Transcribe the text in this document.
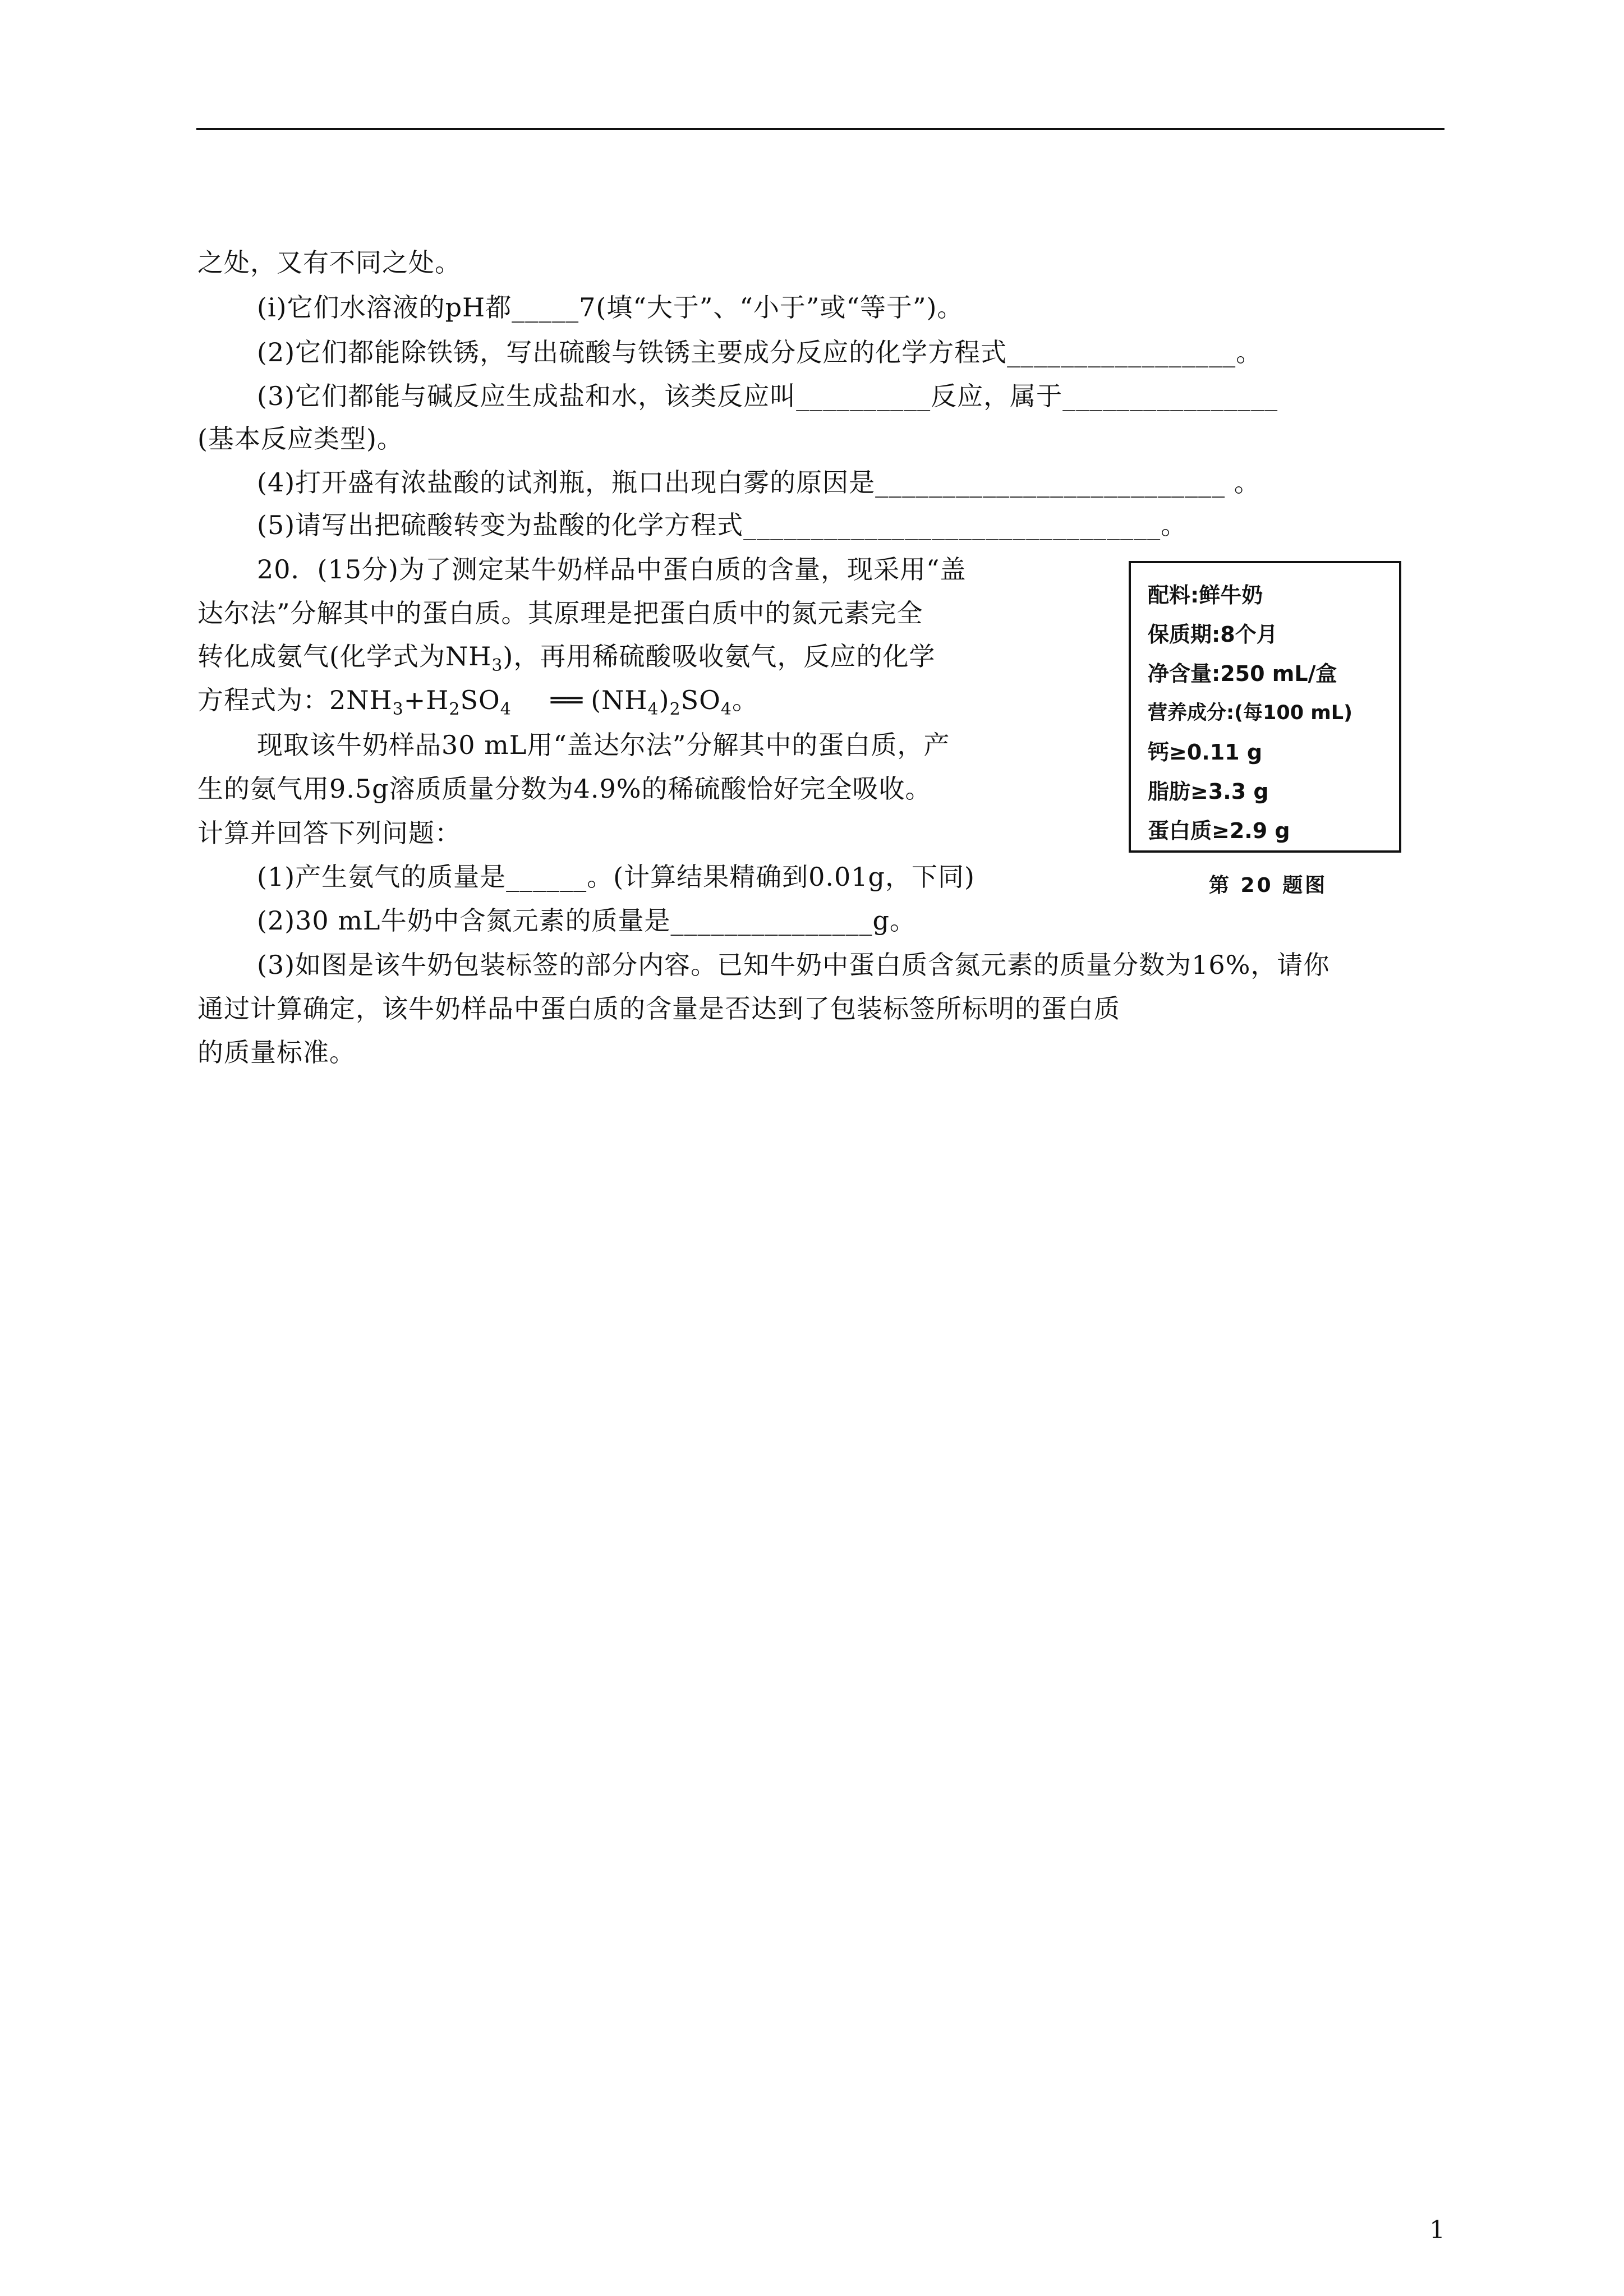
之处，又有不同之处。
(i)它们水溶液的pH都_____7(填“大于”、“小于”或“等于”)。
(2)它们都能除铁锈，写出硫酸与铁锈主要成分反应的化学方程式_________________。
(3)它们都能与碱反应生成盐和水，该类反应叫__________反应，属于________________
(基本反应类型)。
(4)打开盛有浓盐酸的试剂瓶，瓶口出现白雾的原因是__________________________ 。
(5)请写出把硫酸转变为盐酸的化学方程式_______________________________。
20．(15分)为了测定某牛奶样品中蛋白质的含量，现采用“盖
达尔法”分解其中的蛋白质。其原理是把蛋白质中的氮元素完全
转化成氨气(化学式为$NH_3$)，再用稀硫酸吸收氨气，反应的化学
方程式为：$2NH_3+H_2SO_4$ ══ $(NH_4)_2SO_4$。
现取该牛奶样品30 mL用“盖达尔法”分解其中的蛋白质，产
生的氨气用9.5g溶质质量分数为4.9%的稀硫酸恰好完全吸收。
计算并回答下列问题：
(1)产生氨气的质量是______。(计算结果精确到0.01g，下同)
(2)30 mL牛奶中含氮元素的质量是_______________g。
(3)如图是该牛奶包装标签的部分内容。已知牛奶中蛋白质含氮元素的质量分数为16%，请你
通过计算确定，该牛奶样品中蛋白质的含量是否达到了包装标签所标明的蛋白质
的质量标准。
配料:鲜牛奶
保质期:8个月
净含量:250 mL/盒
营养成分:(每100 mL)
钙≥0.11 g
脂肪≥3.3 g
蛋白质≥2.9 g
第 20 题图
1
